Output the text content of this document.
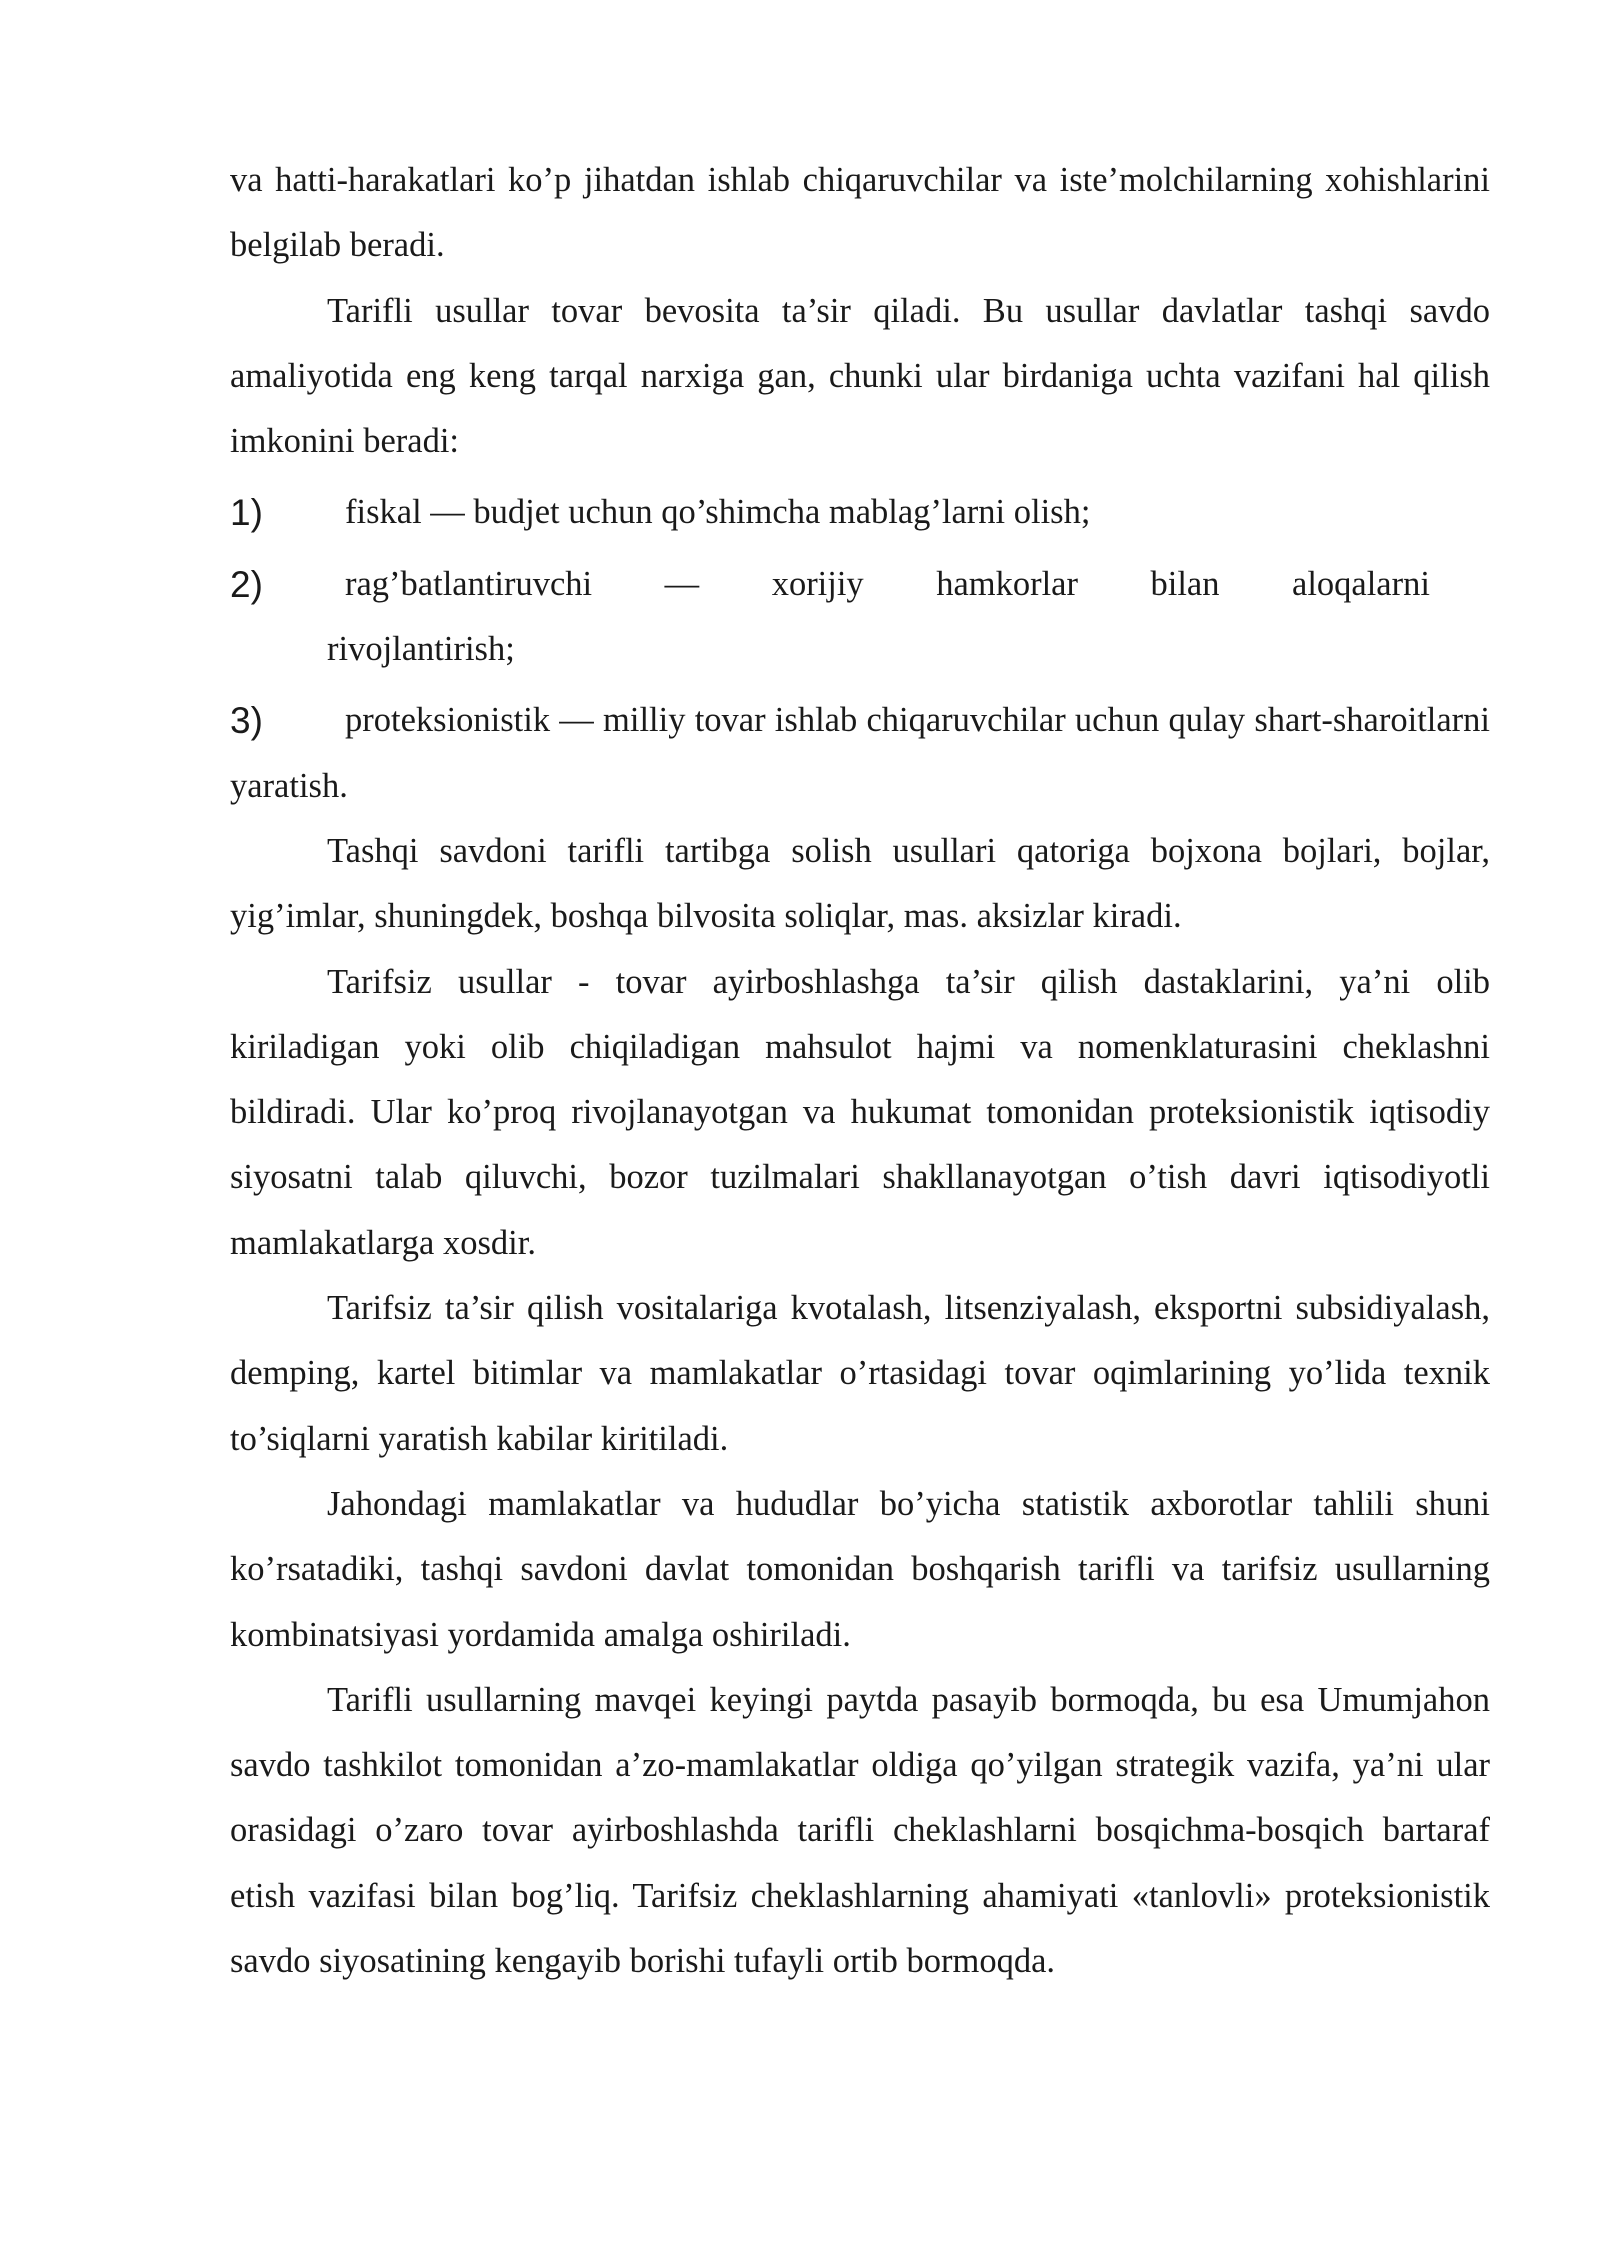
va hatti-harakatlari ko’p jihatdan ishlab chiqaruvchilar va iste’molchilarning xohishlarini belgilab beradi.

Tarifli usullar tovar bevosita ta’sir qiladi. Bu usullar davlatlar tashqi savdo amaliyotida eng keng tarqal narxiga gan, chunki ular birdaniga uchta vazifani hal qilish imkonini beradi:

1)	fiskal — budjet uchun qo’shimcha mablag’larni olish;
2) rag’batlantiruvchi — xorijiy hamkorlar bilan aloqalarni
rivojlantirish;
3)	proteksionistik — milliy tovar ishlab chiqaruvchilar uchun qulay shart-sharoitlarni yaratish.

Tashqi savdoni tarifli tartibga solish usullari qatoriga bojxona bojlari, bojlar, yig’imlar, shuningdek, boshqa bilvosita soliqlar, mas. aksizlar kiradi.

Tarifsiz usullar - tovar ayirboshlashga ta’sir qilish dastaklarini, ya’ni olib kiriladigan yoki olib chiqiladigan mahsulot hajmi va nomenklaturasini cheklashni bildiradi. Ular ko’proq rivojlanayotgan va hukumat tomonidan proteksionistik iqtisodiy siyosatni talab qiluvchi, bozor tuzilmalari shakllanayotgan o’tish davri iqtisodiyotli mamlakatlarga xosdir.

Tarifsiz ta’sir qilish vositalariga kvotalash, litsenziyalash, eksportni subsidiyalash, demping, kartel bitimlar va mamlakatlar o’rtasidagi tovar oqimlarining yo’lida texnik to’siqlarni yaratish kabilar kiritiladi.

Jahondagi mamlakatlar va hududlar bo’yicha statistik axborotlar tahlili shuni ko’rsatadiki, tashqi savdoni davlat tomonidan boshqarish tarifli va tarifsiz usullarning kombinatsiyasi yordamida amalga oshiriladi.

Tarifli usullarning mavqei keyingi paytda pasayib bormoqda, bu esa Umumjahon savdo tashkilot tomonidan a’zo-mamlakatlar oldiga qo’yilgan strategik vazifa, ya’ni ular orasidagi o’zaro tovar ayirboshlashda tarifli cheklashlarni bosqichma-bosqich bartaraf etish vazifasi bilan bog’liq. Tarifsiz cheklashlarning ahamiyati «tanlovli» proteksionistik savdo siyosatining kengayib borishi tufayli ortib bormoqda.
